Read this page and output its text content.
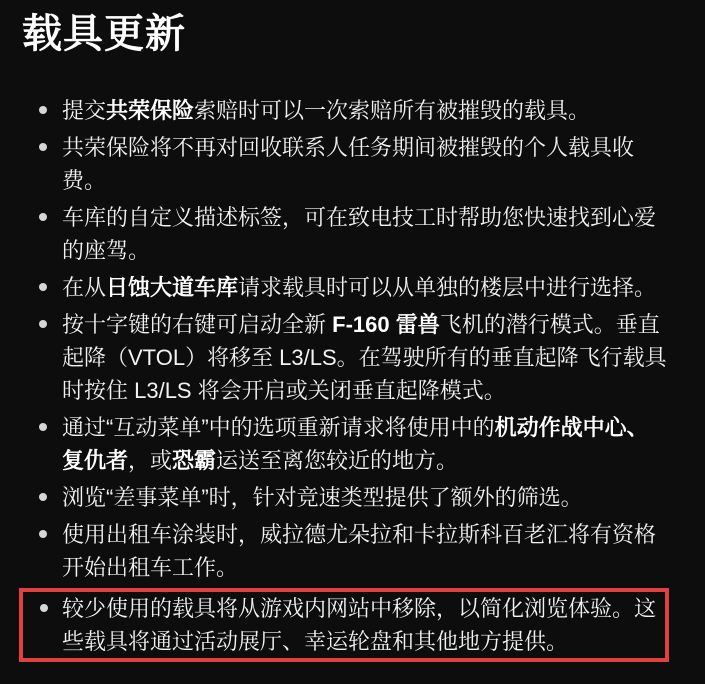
载具更新
提交共荣保险索赔时可以一次索赔所有被摧毁的载具。
共荣保险将不再对回收联系人任务期间被摧毁的个人载具收费。
车库的自定义描述标签，可在致电技工时帮助您快速找到心爱的座驾。
在从日蚀大道车库请求载具时可以从单独的楼层中进行选择。
按十字键的右键可启动全新 F-160 雷兽飞机的潜行模式。垂直起降（VTOL）将移至 L3/LS。在驾驶所有的垂直起降飞行载具时按住 L3/LS 将会开启或关闭垂直起降模式。
通过“互动菜单”中的选项重新请求将使用中的机动作战中心、复仇者，或恐霸运送至离您较近的地方。
浏览“差事菜单”时，针对竞速类型提供了额外的筛选。
使用出租车涂装时，威拉德尤朵拉和卡拉斯科百老汇将有资格开始出租车工作。
较少使用的载具将从游戏内网站中移除，以简化浏览体验。这些载具将通过活动展厅、幸运轮盘和其他地方提供。
